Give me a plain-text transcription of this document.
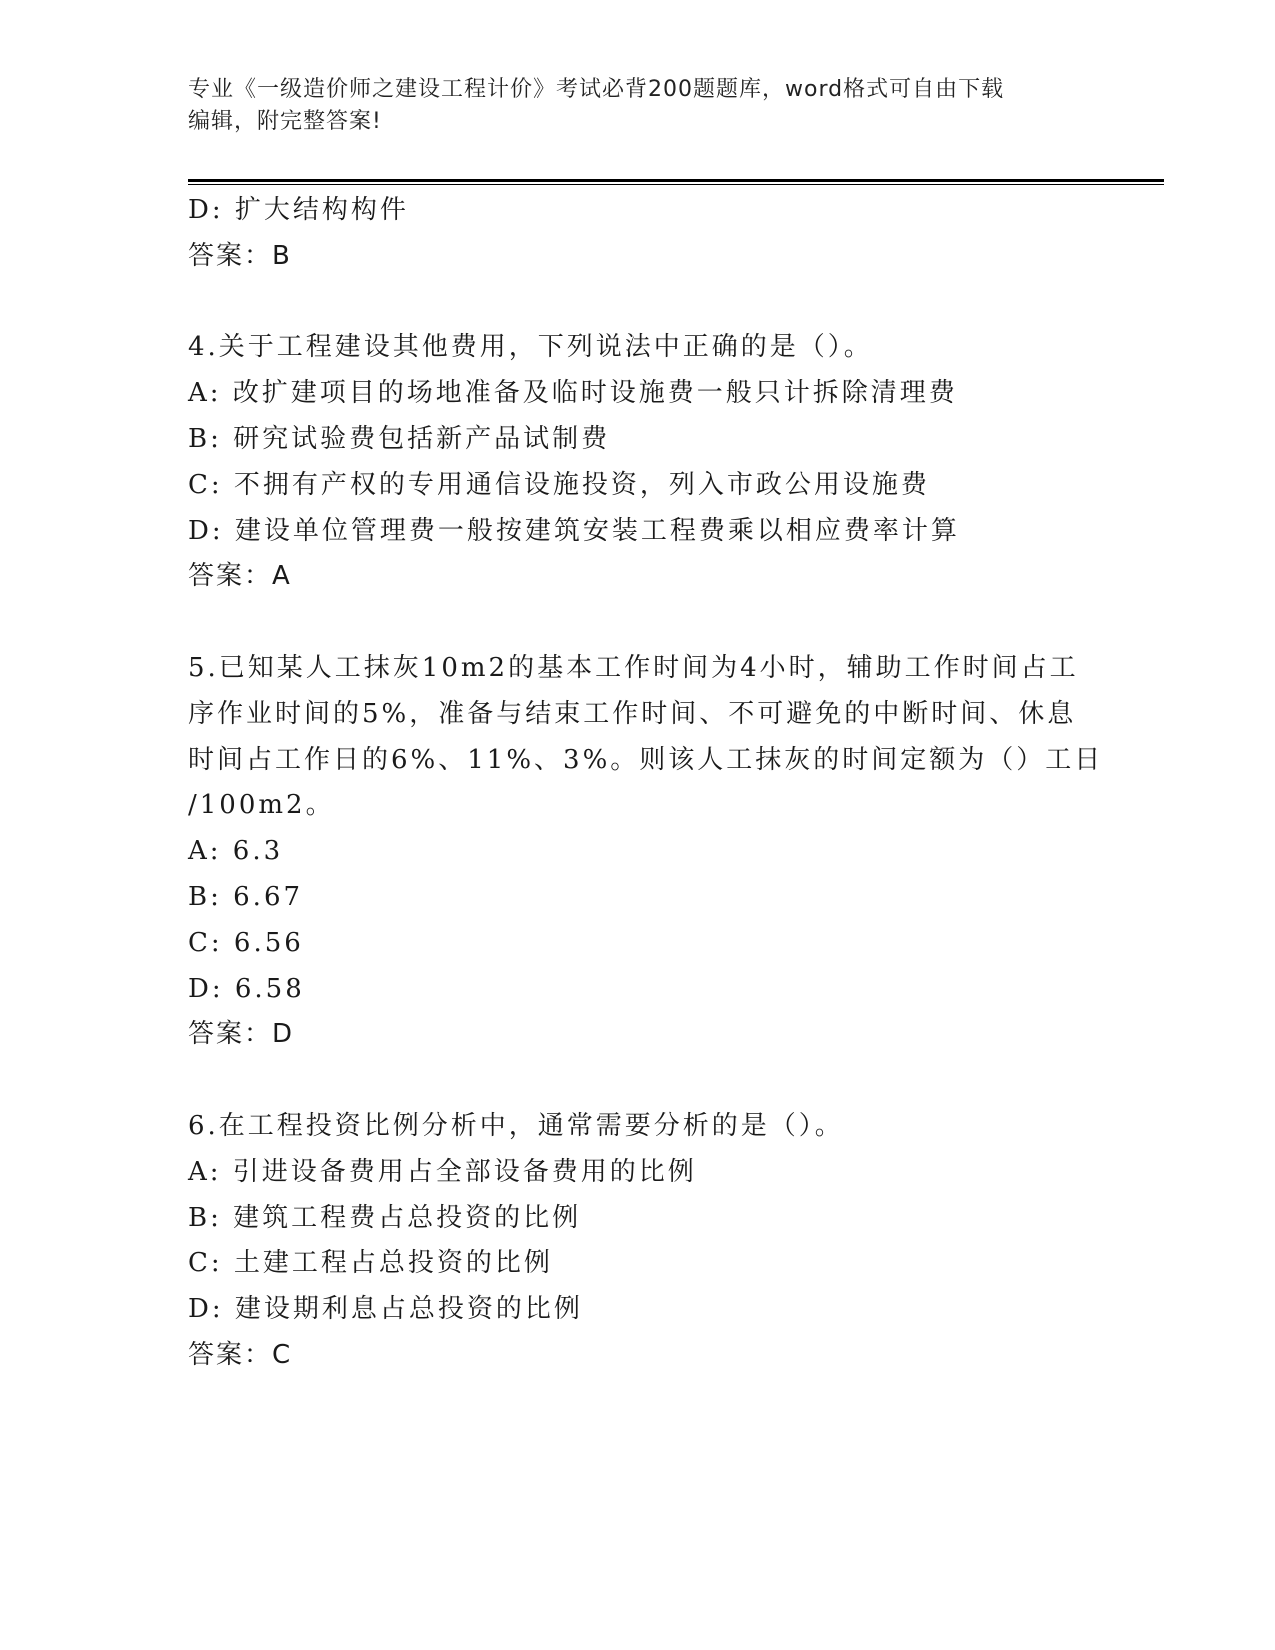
专业《一级造价师之建设工程计价》考试必背200题题库，word格式可自由下载
编辑，附完整答案!
D: 扩大结构构件
答案：B
4.关于工程建设其他费用，下列说法中正确的是（）。
A: 改扩建项目的场地准备及临时设施费一般只计拆除清理费
B: 研究试验费包括新产品试制费
C: 不拥有产权的专用通信设施投资，列入市政公用设施费
D: 建设单位管理费一般按建筑安装工程费乘以相应费率计算
答案：A
5.已知某人工抹灰10m2的基本工作时间为4小时，辅助工作时间占工
序作业时间的5%，准备与结束工作时间、不可避免的中断时间、休息
时间占工作日的6%、11%、3%。则该人工抹灰的时间定额为（）工日
/100m2。
A: 6.3
B: 6.67
C: 6.56
D: 6.58
答案：D
6.在工程投资比例分析中，通常需要分析的是（）。
A: 引进设备费用占全部设备费用的比例
B: 建筑工程费占总投资的比例
C: 土建工程占总投资的比例
D: 建设期利息占总投资的比例
答案：C
